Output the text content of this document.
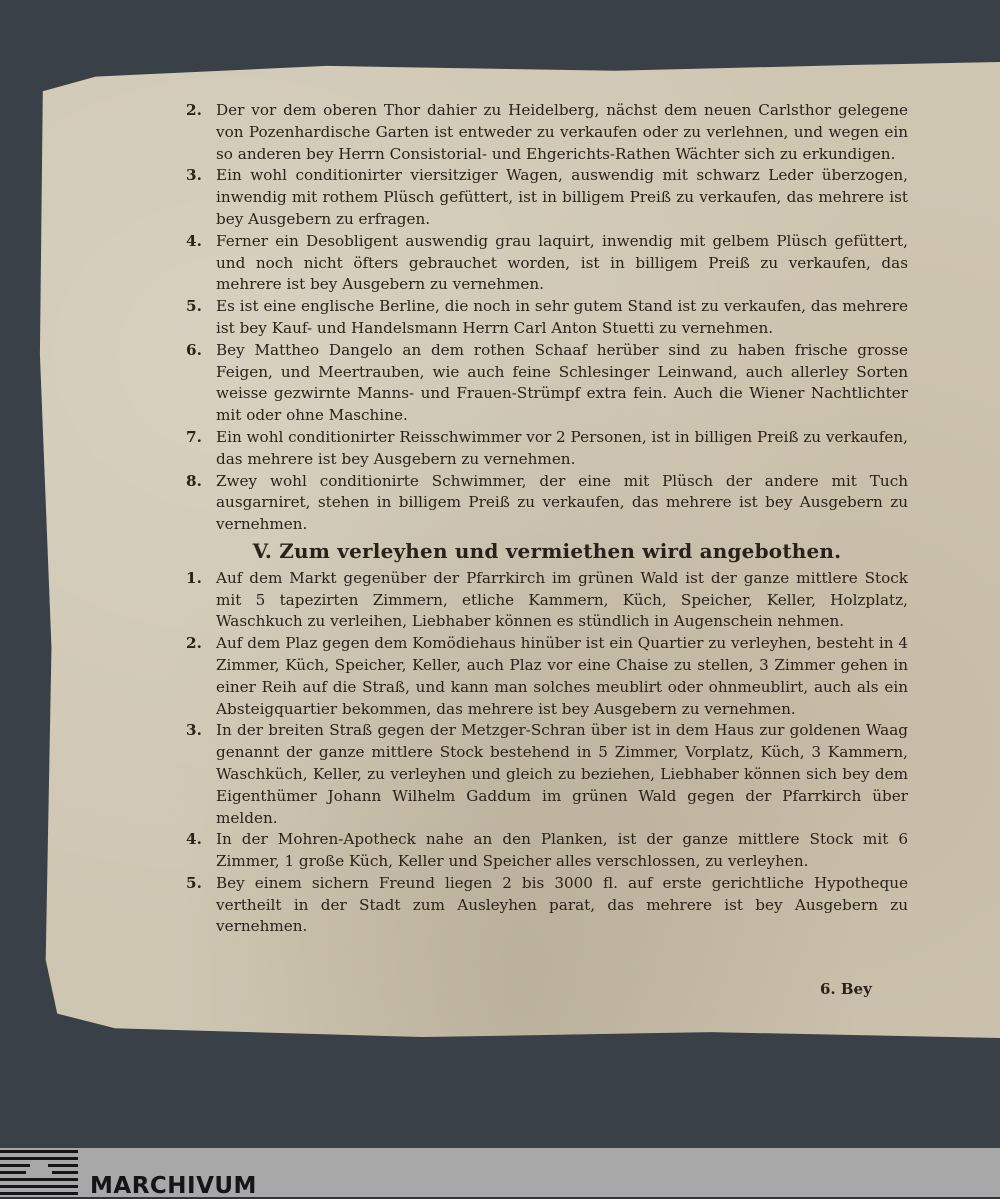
2. Der vor dem oberen Thor dahier zu Heidelberg, nächst dem neuen Carlsthor gelegene von Pozenhardische Garten ist entweder zu verkaufen oder zu verlehnen, und wegen ein so anderen bey Herrn Consistorial- und Ehgerichts-Rathen Wächter sich zu erkundigen.
3. Ein wohl conditionirter viersitziger Wagen, auswendig mit schwarz Leder überzogen, inwendig mit rothem Plüsch gefüttert, ist in billigem Preiß zu verkaufen, das mehrere ist bey Ausgebern zu erfragen.
4. Ferner ein Desobligent auswendig grau laquirt, inwendig mit gelbem Plüsch gefüttert, und noch nicht öfters gebrauchet worden, ist in billigem Preiß zu verkaufen, das mehrere ist bey Ausgebern zu vernehmen.
5. Es ist eine englische Berline, die noch in sehr gutem Stand ist zu verkaufen, das mehrere ist bey Kauf- und Handelsmann Herrn Carl Anton Stuetti zu vernehmen.
6. Bey Mattheo Dangelo an dem rothen Schaaf herüber sind zu haben frische grosse Feigen, und Meertrauben, wie auch feine Schlesinger Leinwand, auch allerley Sorten weisse gezwirnte Manns- und Frauen-Strümpf extra fein. Auch die Wiener Nachtlichter mit oder ohne Maschine.
7. Ein wohl conditionirter Reisschwimmer vor 2 Personen, ist in billigen Preiß zu verkaufen, das mehrere ist bey Ausgebern zu vernehmen.
8. Zwey wohl conditionirte Schwimmer, der eine mit Plüsch der andere mit Tuch ausgarniret, stehen in billigem Preiß zu verkaufen, das mehrere ist bey Ausgebern zu vernehmen.
V. Zum verleyhen und vermiethen wird angebothen.
1. Auf dem Markt gegenüber der Pfarrkirch im grünen Wald ist der ganze mittlere Stock mit 5 tapezirten Zimmern, etliche Kammern, Küch, Speicher, Keller, Holzplatz, Waschkuch zu verleihen, Liebhaber können es stündlich in Augenschein nehmen.
2. Auf dem Plaz gegen dem Komödiehaus hinüber ist ein Quartier zu verleyhen, besteht in 4 Zimmer, Küch, Speicher, Keller, auch Plaz vor eine Chaise zu stellen, 3 Zimmer gehen in einer Reih auf die Straß, und kann man solches meublirt oder ohnmeublirt, auch als ein Absteigquartier bekommen, das mehrere ist bey Ausgebern zu vernehmen.
3. In der breiten Straß gegen der Metzger-Schran über ist in dem Haus zur goldenen Waag genannt der ganze mittlere Stock bestehend in 5 Zimmer, Vorplatz, Küch, 3 Kammern, Waschküch, Keller, zu verleyhen und gleich zu beziehen, Liebhaber können sich bey dem Eigenthümer Johann Wilhelm Gaddum im grünen Wald gegen der Pfarrkirch über melden.
4. In der Mohren-Apotheck nahe an den Planken, ist der ganze mittlere Stock mit 6 Zimmer, 1 große Küch, Keller und Speicher alles verschlossen, zu verleyhen.
5. Bey einem sichern Freund liegen 2 bis 3000 fl. auf erste gerichtliche Hypotheque vertheilt in der Stadt zum Ausleyhen parat, das mehrere ist bey Ausgebern zu vernehmen.
6. Bey
MARCHIVUM
